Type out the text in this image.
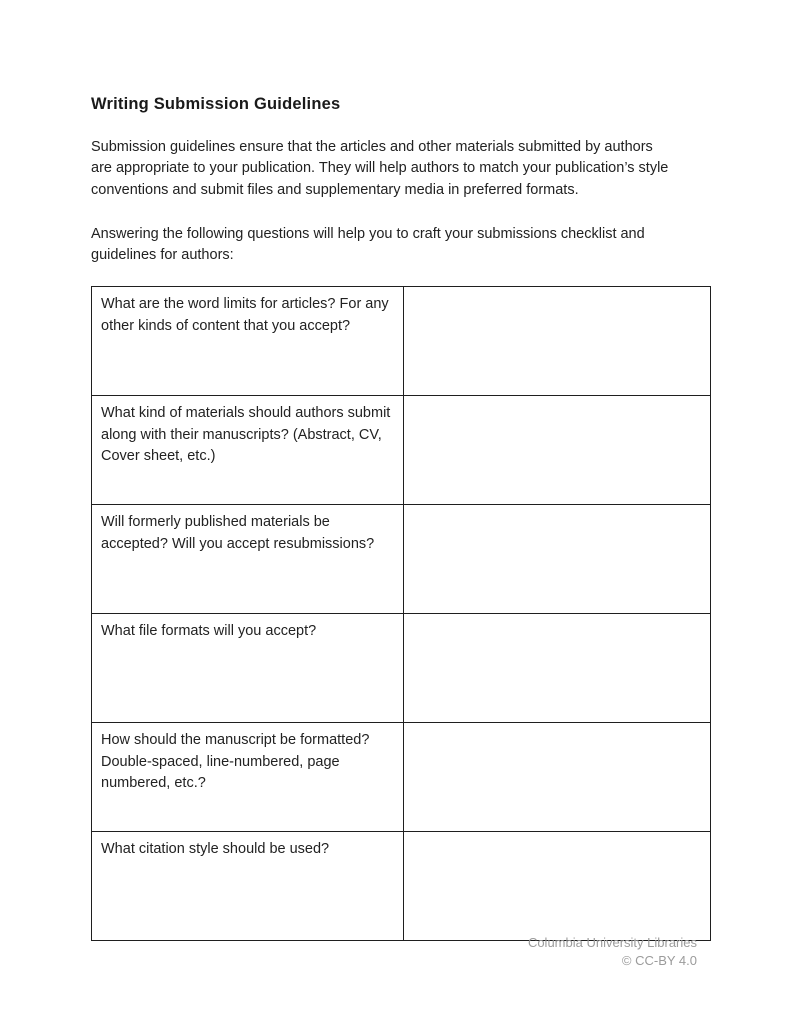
Writing Submission Guidelines

Submission guidelines ensure that the articles and other materials submitted by authors are appropriate to your publication. They will help authors to match your publication’s style conventions and submit files and supplementary media in preferred formats.

Answering the following questions will help you to craft your submissions checklist and guidelines for authors:

What are the word limits for articles? For any other kinds of content that you accept?	
What kind of materials should authors submit along with their manuscripts? (Abstract, CV, Cover sheet, etc.)	
Will formerly published materials be accepted? Will you accept resubmissions?	
What file formats will you accept?	
How should the manuscript be formatted? Double-spaced, line-numbered, page numbered, etc.?	
What citation style should be used?	
Columbia University Libraries
© CC-BY 4.0
